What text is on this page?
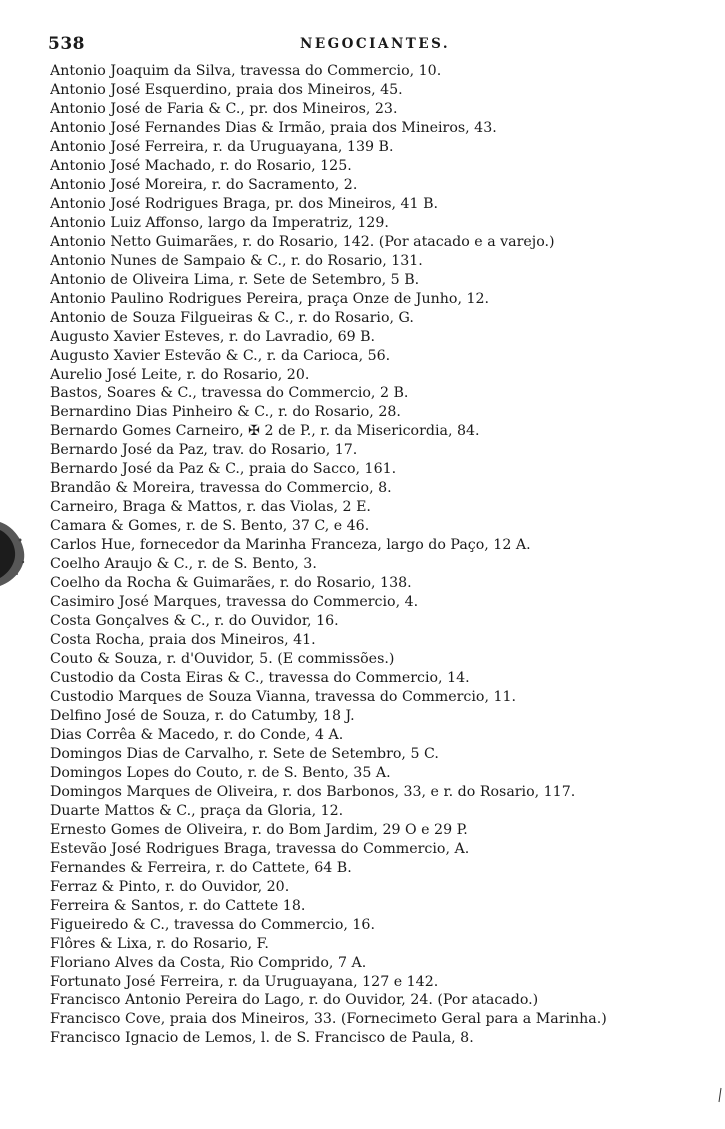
538	NEGOCIANTES.
Antonio Joaquim da Silva, travessa do Commercio, 10.
Antonio José Esquerdino, praia dos Mineiros, 45.
Antonio José de Faria & C., pr. dos Mineiros, 23.
Antonio José Fernandes Dias & Irmão, praia dos Mineiros, 43.
Antonio José Ferreira, r. da Uruguayana, 139 B.
Antonio José Machado, r. do Rosario, 125.
Antonio José Moreira, r. do Sacramento, 2.
Antonio José Rodrigues Braga, pr. dos Mineiros, 41 B.
Antonio Luiz Affonso, largo da Imperatriz, 129.
Antonio Netto Guimarães, r. do Rosario, 142. (Por atacado e a varejo.)
Antonio Nunes de Sampaio & C., r. do Rosario, 131.
Antonio de Oliveira Lima, r. Sete de Setembro, 5 B.
Antonio Paulino Rodrigues Pereira, praça Onze de Junho, 12.
Antonio de Souza Filgueiras & C., r. do Rosario, G.
Augusto Xavier Esteves, r. do Lavradio, 69 B.
Augusto Xavier Estevão & C., r. da Carioca, 56.
Aurelio José Leite, r. do Rosario, 20.
Bastos, Soares & C., travessa do Commercio, 2 B.
Bernardino Dias Pinheiro & C., r. do Rosario, 28.
Bernardo Gomes Carneiro, ✠ 2 de P., r. da Misericordia, 84.
Bernardo José da Paz, trav. do Rosario, 17.
Bernardo José da Paz & C., praia do Sacco, 161.
Brandão & Moreira, travessa do Commercio, 8.
Carneiro, Braga & Mattos, r. das Violas, 2 E.
Camara & Gomes, r. de S. Bento, 37 C, e 46.
Carlos Hue, fornecedor da Marinha Franceza, largo do Paço, 12 A.
Coelho Araujo & C., r. de S. Bento, 3.
Coelho da Rocha & Guimarães, r. do Rosario, 138.
Casimiro José Marques, travessa do Commercio, 4.
Costa Gonçalves & C., r. do Ouvidor, 16.
Costa Rocha, praia dos Mineiros, 41.
Couto & Souza, r. d'Ouvidor, 5. (E commissões.)
Custodio da Costa Eiras & C., travessa do Commercio, 14.
Custodio Marques de Souza Vianna, travessa do Commercio, 11.
Delfino José de Souza, r. do Catumby, 18 J.
Dias Corrêa & Macedo, r. do Conde, 4 A.
Domingos Dias de Carvalho, r. Sete de Setembro, 5 C.
Domingos Lopes do Couto, r. de S. Bento, 35 A.
Domingos Marques de Oliveira, r. dos Barbonos, 33, e r. do Rosario, 117.
Duarte Mattos & C., praça da Gloria, 12.
Ernesto Gomes de Oliveira, r. do Bom Jardim, 29 O e 29 P.
Estevão José Rodrigues Braga, travessa do Commercio, A.
Fernandes & Ferreira, r. do Cattete, 64 B.
Ferraz & Pinto, r. do Ouvidor, 20.
Ferreira & Santos, r. do Cattete 18.
Figueiredo & C., travessa do Commercio, 16.
Flôres & Lixa, r. do Rosario, F.
Floriano Alves da Costa, Rio Comprido, 7 A.
Fortunato José Ferreira, r. da Uruguayana, 127 e 142.
Francisco Antonio Pereira do Lago, r. do Ouvidor, 24. (Por atacado.)
Francisco Cove, praia dos Mineiros, 33. (Fornecimeto Geral para a Marinha.)
Francisco Ignacio de Lemos, l. de S. Francisco de Paula, 8.
